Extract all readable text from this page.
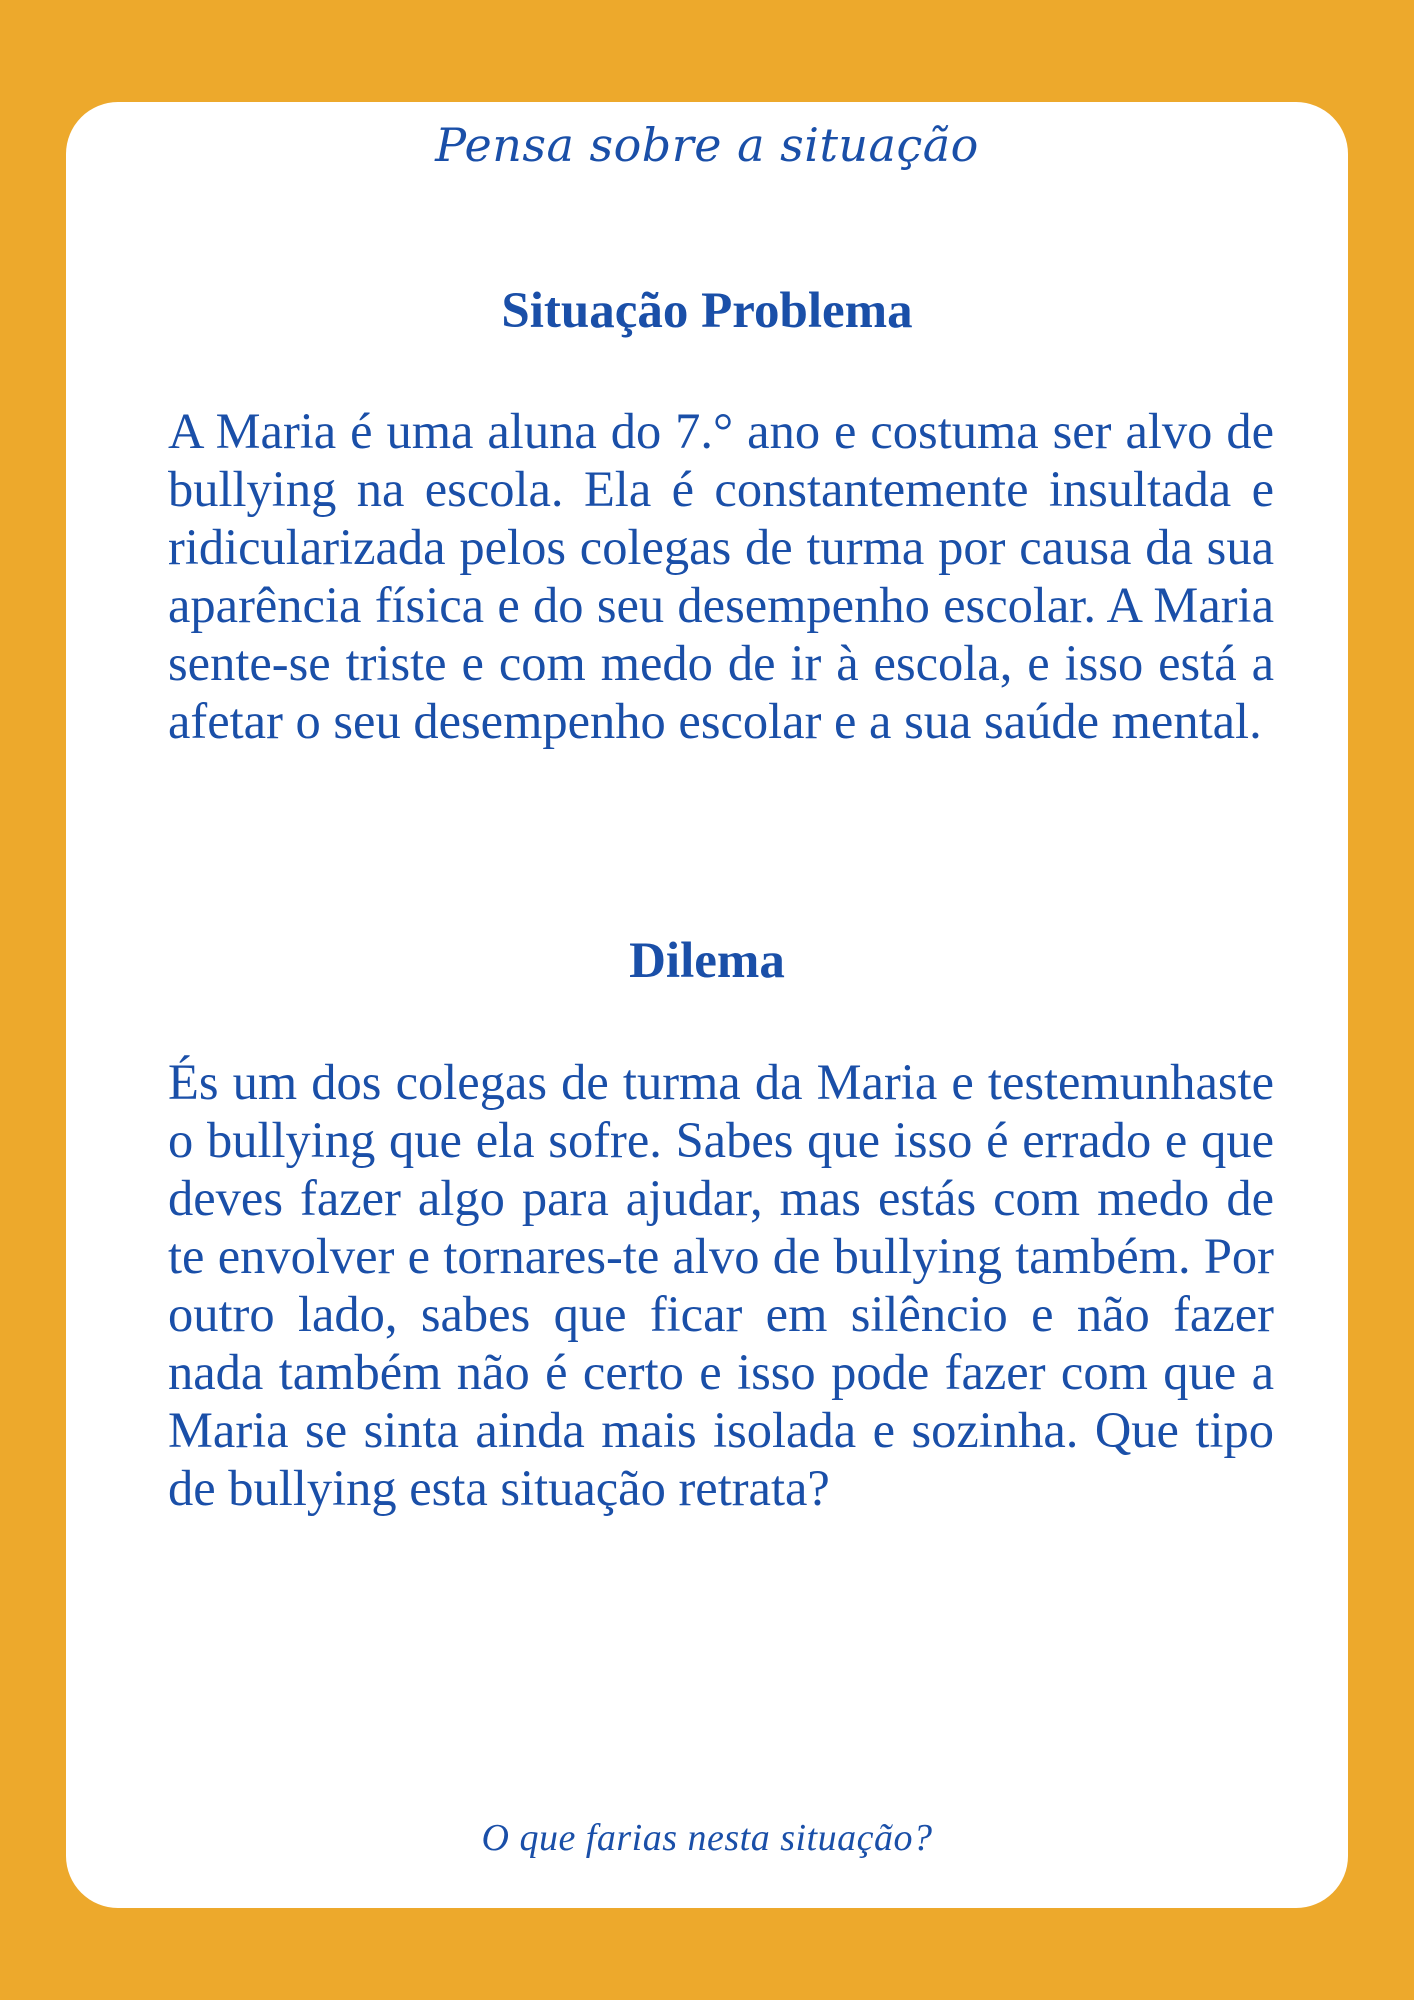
Pensa sobre a situação
Situação Problema
A Maria é uma aluna do 7.° ano e costuma ser alvo de bullying na escola. Ela é constantemente insultada e ridicularizada pelos colegas de turma por causa da sua aparência física e do seu desempenho escolar. A Maria sente-se triste e com medo de ir à escola, e isso está a afetar o seu desempenho escolar e a sua saúde mental.
Dilema
És um dos colegas de turma da Maria e testemunhaste o bullying que ela sofre. Sabes que isso é errado e que deves fazer algo para ajudar, mas estás com medo de te envolver e tornares-te alvo de bullying também. Por outro lado, sabes que ficar em silêncio e não fazer nada também não é certo e isso pode fazer com que a Maria se sinta ainda mais isolada e sozinha. Que tipo de bullying esta situação retrata?
O que farias nesta situação?
